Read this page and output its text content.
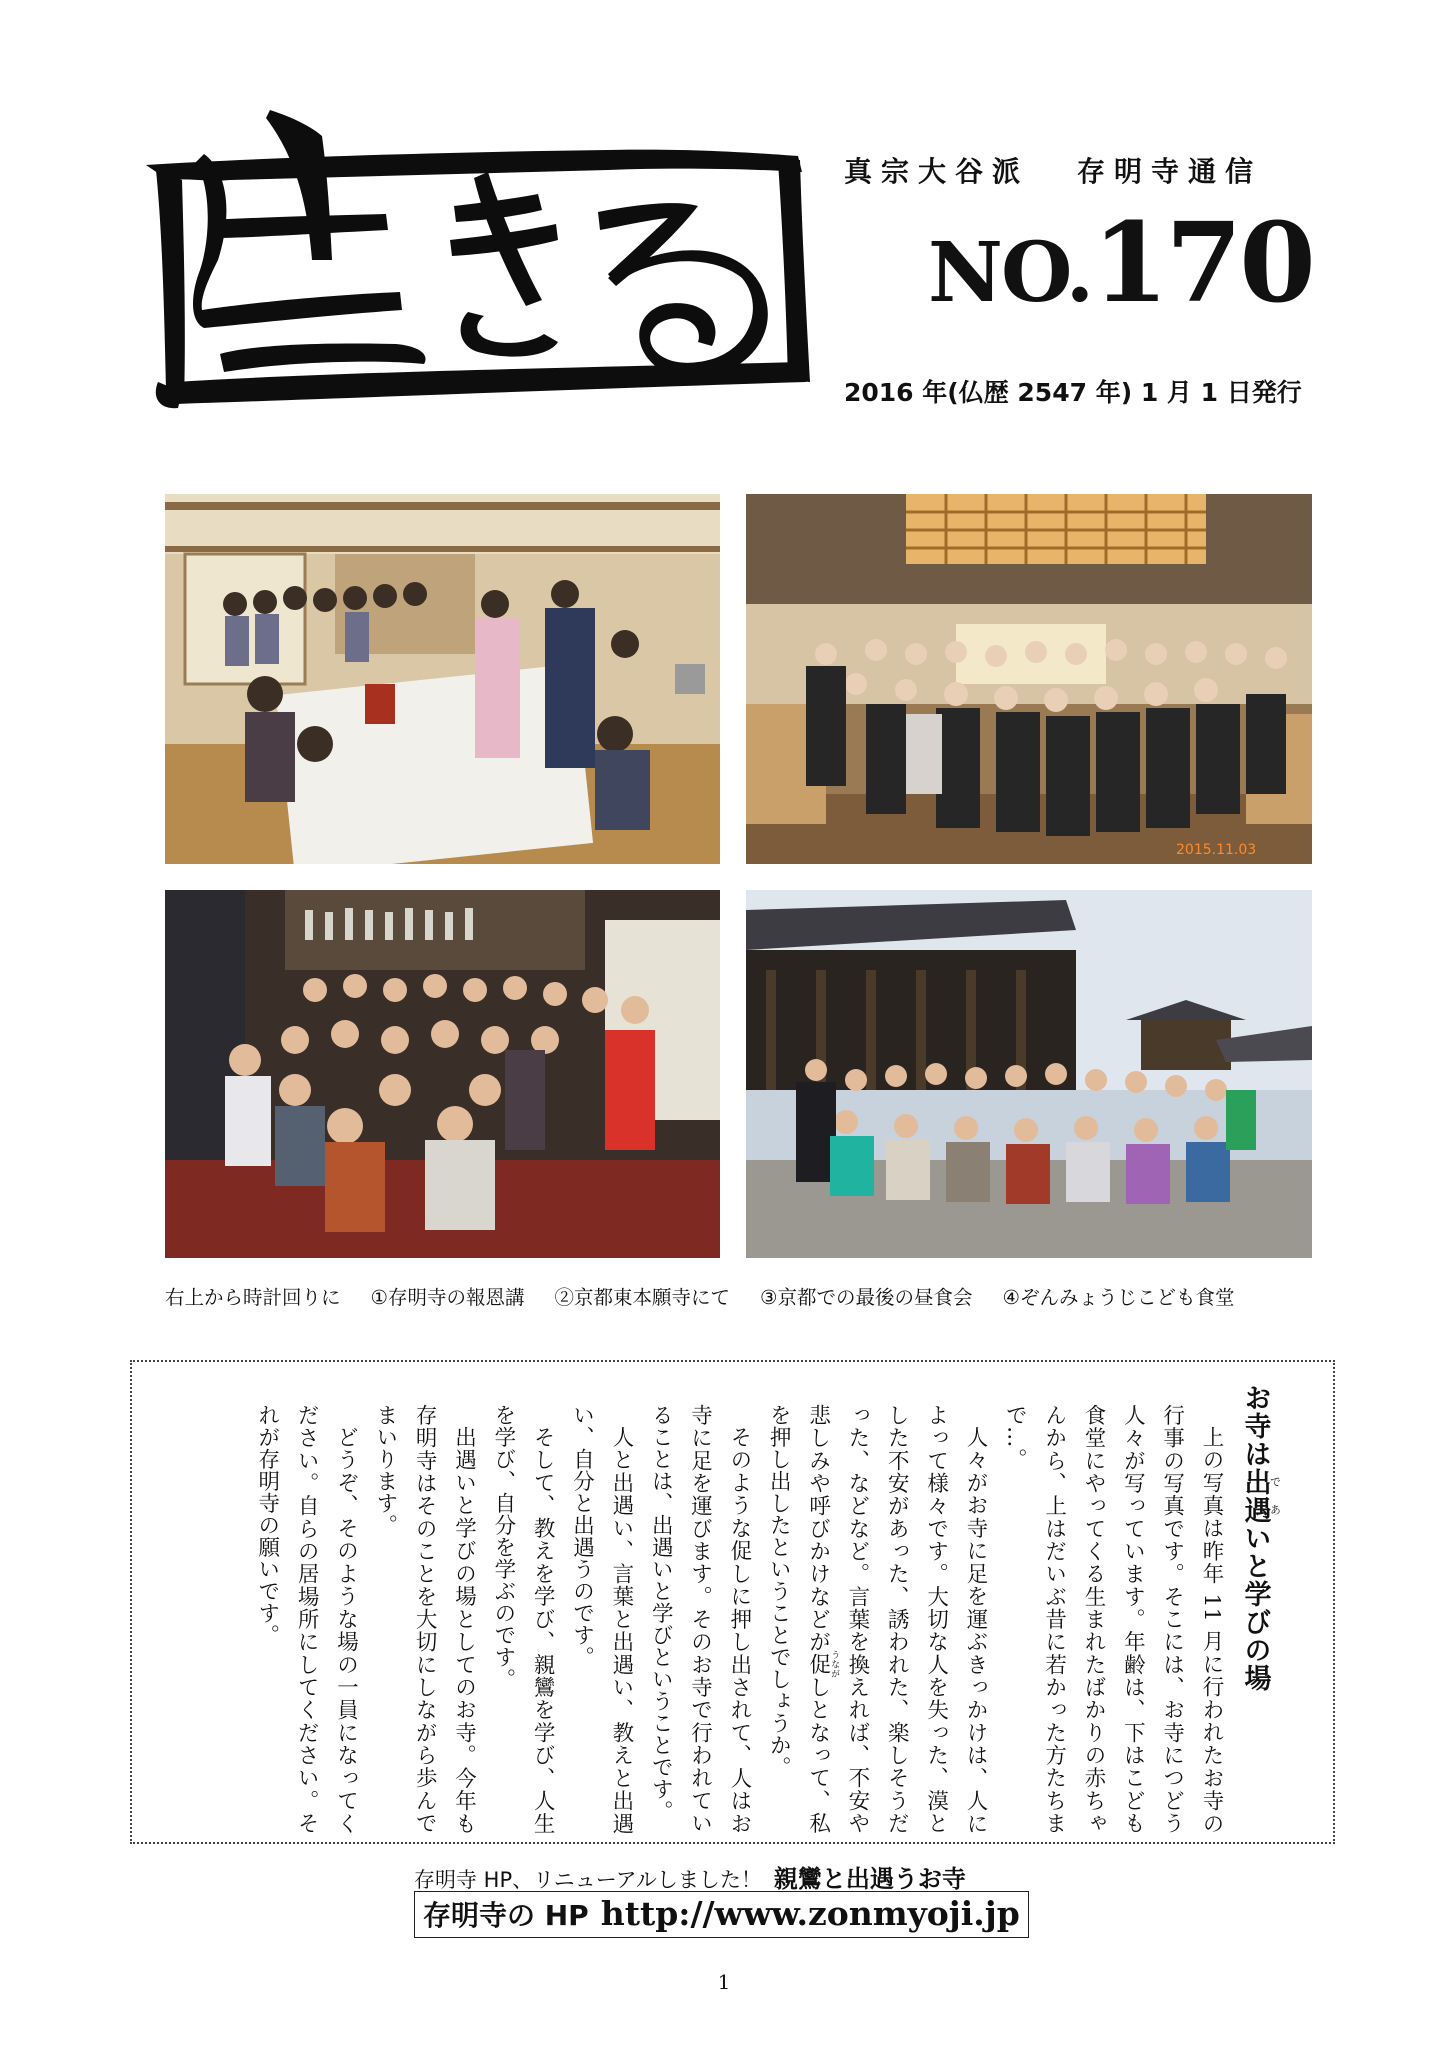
真宗大谷派 存明寺通信
NO.170
2016 年(仏歴 2547 年) 1 月 1 日発行
2015.11.03
右上から時計回りに ①存明寺の報恩講 ②京都東本願寺にて ③京都での最後の昼食会 ④ぞんみょうじこども食堂
お寺は出遇であいと学びの場

上の写真は昨年 11 月に行われたお寺の行事の写真です。そこには、お寺につどう人々が写っています。年齢は、下はこども食堂にやってくる生まれたばかりの赤ちゃんから、上はだいぶ昔に若かった方たちまで…。

人々がお寺に足を運ぶきっかけは、人によって様々です。大切な人を失った、漠とした不安があった、誘われた、楽しそうだった、などなど。言葉を換えれば、不安や悲しみや呼びかけなどが促うながしとなって、私を押し出したということでしょうか。

そのような促しに押し出されて、人はお寺に足を運びます。そのお寺で行われていることは、出遇いと学びということです。

人と出遇い、言葉と出遇い、教えと出遇い、自分と出遇うのです。

そして、教えを学び、親鸞を学び、人生を学び、自分を学ぶのです。

出遇いと学びの場としてのお寺。今年も存明寺はそのことを大切にしながら歩んでまいります。

どうぞ、そのような場の一員になってください。自らの居場所にしてください。それが存明寺の願いです。

存明寺 HP、リニューアルしました！ 親鸞と出遇うお寺
存明寺の HP http://www.zonmyoji.jp
1
